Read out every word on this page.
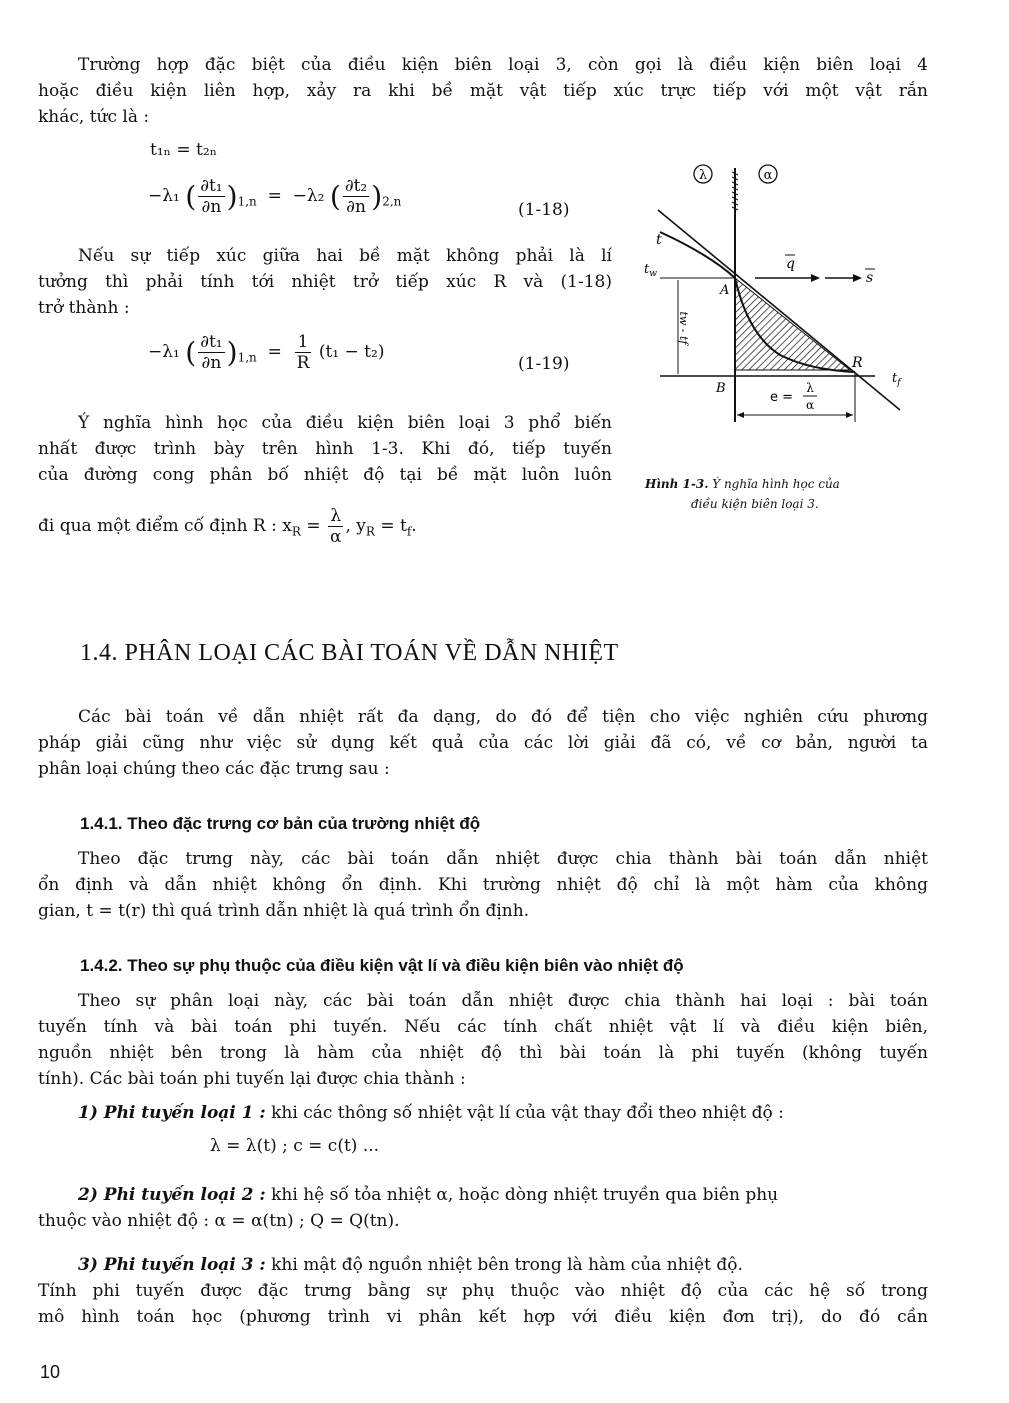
Trường hợp đặc biệt của điều kiện biên loại 3, còn gọi là điều kiện biên loại 4
hoặc điều kiện liên hợp, xảy ra khi bề mặt vật tiếp xúc trực tiếp với một vật rắn
khác, tức là :
t₁ₙ = t₂ₙ
−λ₁ ( $\frac{\text{∂t₁}}{\partial n} )_{1,n} = -\lambda_2$ ( $\frac{\text{∂t₂}}{\partial n} )_{2,n}$	(1-18)
Nếu sự tiếp xúc giữa hai bề mặt không phải là lí
tưởng thì phải tính tới nhiệt trở tiếp xúc R và (1-18)
trở thành :
−λ₁ ( $\frac{\text{∂t₁}}{\partial n} )_{1,n} = \frac{1}{R} (t_1 - t_2)$
(1-19)
Ý nghĩa hình học của điều kiện biên loại 3 phổ biến
nhất được trình bày trên hình 1-3. Khi đó, tiếp tuyến
của đường cong phân bố nhiệt độ tại bề mặt luôn luôn
đi qua một điểm cố định R : $x_R = \frac{\lambda}{\alpha}$ , $y_R = t_f$.
λ	α
tw - tf
e =
λ
α
q
s
t
$t_w$
A
B
R
$t_f$
Hình 1-3. Ý nghĩa hình học của
điều kiện biên loại 3.
1.4. PHÂN LOẠI CÁC BÀI TOÁN VỀ DẪN NHIỆT
Các bài toán về dẫn nhiệt rất đa dạng, do đó để tiện cho việc nghiên cứu phương
pháp giải cũng như việc sử dụng kết quả của các lời giải đã có, về cơ bản, người ta
phân loại chúng theo các đặc trưng sau :
1.4.1. Theo đặc trưng cơ bản của trường nhiệt độ
Theo đặc trưng này, các bài toán dẫn nhiệt được chia thành bài toán dẫn nhiệt
ổn định và dẫn nhiệt không ổn định. Khi trường nhiệt độ chỉ là một hàm của không
gian, t = t(r) thì quá trình dẫn nhiệt là quá trình ổn định.
1.4.2. Theo sự phụ thuộc của điều kiện vật lí và điều kiện biên vào nhiệt độ
Theo sự phân loại này, các bài toán dẫn nhiệt được chia thành hai loại : bài toán
tuyến tính và bài toán phi tuyến. Nếu các tính chất nhiệt vật lí và điều kiện biên,
nguồn nhiệt bên trong là hàm của nhiệt độ thì bài toán là phi tuyến (không tuyến
tính). Các bài toán phi tuyến lại được chia thành :
1) Phi tuyến loại 1 : khi các thông số nhiệt vật lí của vật thay đổi theo nhiệt độ :
λ = λ(t) ; c = c(t) ...
2) Phi tuyến loại 2 : khi hệ số tỏa nhiệt α, hoặc dòng nhiệt truyền qua biên phụ
thuộc vào nhiệt độ : α = α(tn) ; Q = Q(tn).
3) Phi tuyến loại 3 : khi mật độ nguồn nhiệt bên trong là hàm của nhiệt độ.
Tính phi tuyến được đặc trưng bằng sự phụ thuộc vào nhiệt độ của các hệ số trong
mô hình toán học (phương trình vi phân kết hợp với điều kiện đơn trị), do đó cần
10
